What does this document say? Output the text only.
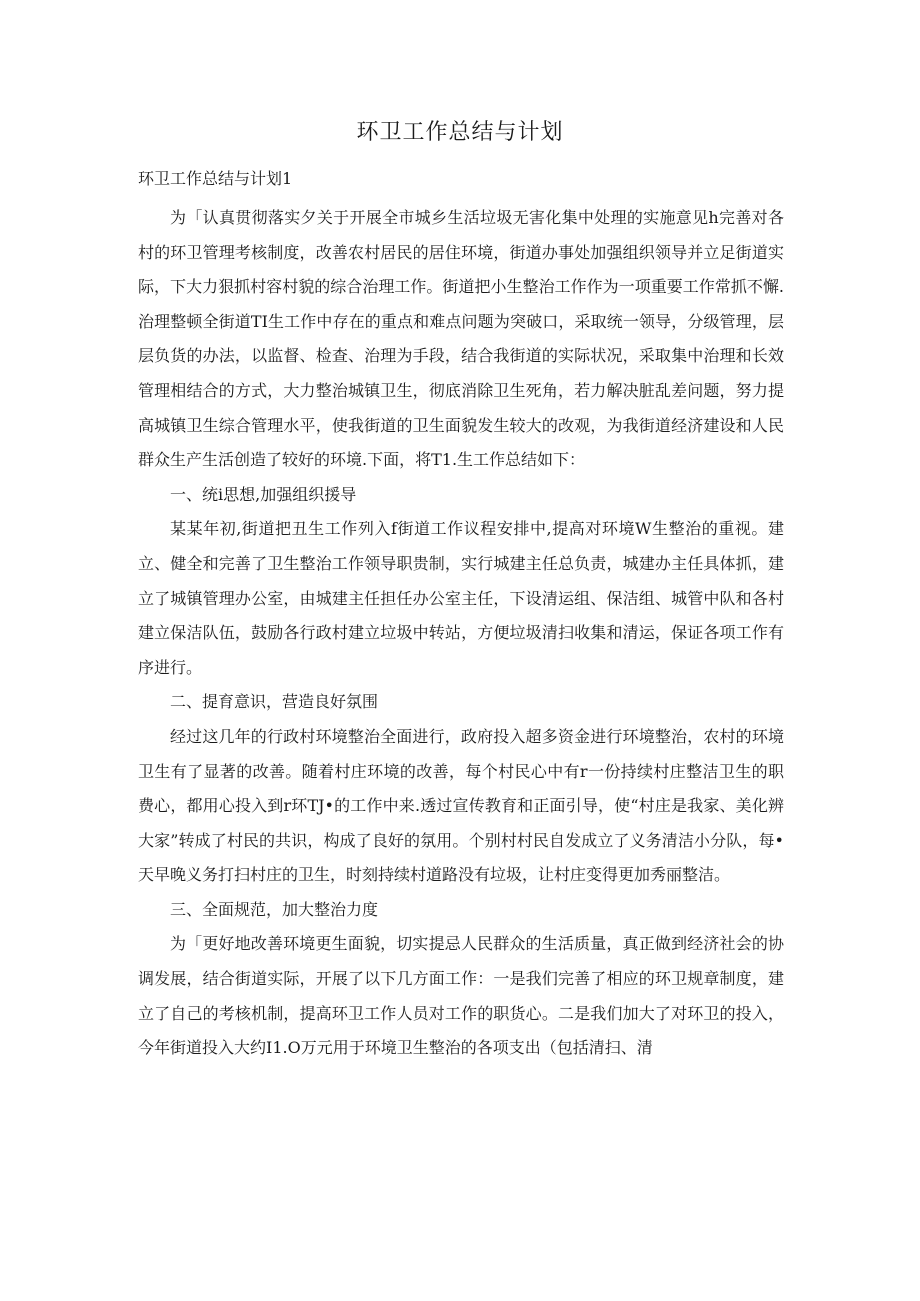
环卫工作总结与计划
环卫工作总结与计划1

为「认真贯彻落实夕关于开展全市城乡生活垃圾无害化集中处理的实施意见h完善对各村的环卫管理考核制度，改善农村居民的居住环境，街道办事处加强组织领导并立足街道实际，下大力狠抓村容村貌的综合治理工作。街道把小生整治工作作为一项重要工作常抓不懈.治理整顿全街道TI生工作中存在的重点和难点问题为突破口，采取统一领导，分级管理，层层负货的办法，以监督、检查、治理为手段，结合我街道的实际状况，采取集中治理和长效管理相结合的方式，大力整治城镇卫生，彻底消除卫生死角，若力解决脏乱差问题，努力提高城镇卫生综合管理水平，使我街道的卫生面貌发生较大的改观，为我街道经济建设和人民群众生产生活创造了较好的环境.下面，将T1.生工作总结如下：

一、统i思想,加强组织援导

某某年初,街道把丑生工作列入f街道工作议程安排中,提高对环境W生整治的重视。建立、健全和完善了卫生整治工作领导职贵制，实行城建主任总负责，城建办主任具体抓，建立了城镇管理办公室，由城建主任担任办公室主任，下设清运组、保洁组、城管中队和各村建立保洁队伍，鼓励各行政村建立垃圾中转站，方便垃圾清扫收集和清运，保证各项工作有序进行。

二、提育意识，营造良好氛围

经过这几年的行政村环境整治全面进行，政府投入超多资金进行环境整治，农村的环境卫生有了显著的改善。随着村庄环境的改善，每个村民心中有r一份持续村庄整洁卫生的职费心，都用心投入到r环TJ•的工作中来.透过宣传教育和正面引导，使“村庄是我家、美化辨大家”转成了村民的共识，构成了良好的氛用。个别村村民自发成立了义务清洁小分队，每•天早晚义务打扫村庄的卫生，时刻持续村道路没有垃圾，让村庄变得更加秀丽整洁。

三、全面规范，加大整治力度

为「更好地改善环境更生面貌，切实提忌人民群众的生活质量，真正做到经济社会的协调发展，结合街道实际，开展了以下几方面工作：一是我们完善了相应的环卫规章制度，建立了自己的考核机制，提高环卫工作人员对工作的职货心。二是我们加大了对环卫的投入，今年街道投入大约I1.O万元用于环境卫生整治的各项支出（包括清扫、清
